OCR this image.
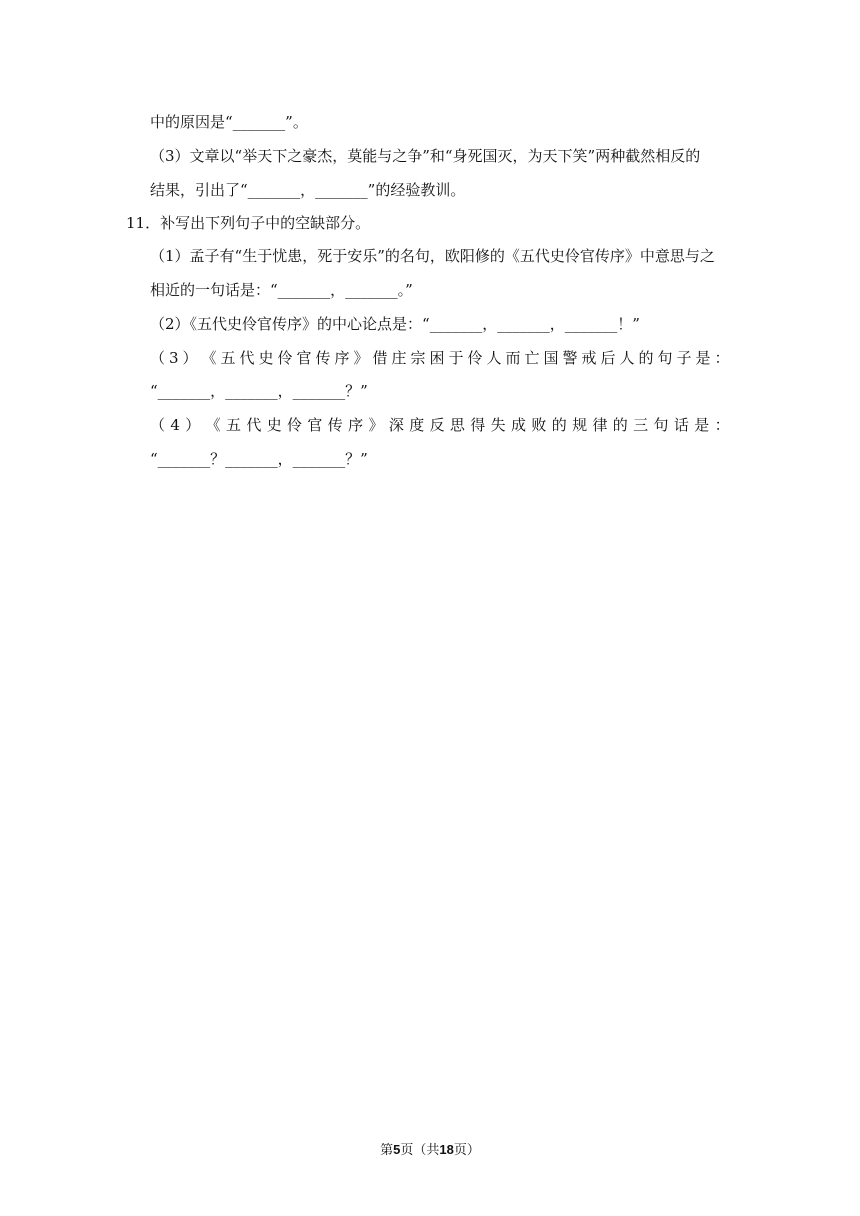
中的原因是“_______”。
（3）文章以“举天下之豪杰，莫能与之争”和“身死国灭，为天下笑”两种截然相反的
结果，引出了“_______，_______”的经验教训。
11．补写出下列句子中的空缺部分。
（1）孟子有“生于忧患，死于安乐”的名句，欧阳修的《五代史伶官传序》中意思与之
相近的一句话是：“_______，_______。”
（2）《五代史伶官传序》的中心论点是：“_______，_______，_______！”
（ 3 ） 《 五 代 史 伶 官 传 序 》 借 庄 宗 困 于 伶 人 而 亡 国 警 戒 后 人 的 句 子 是 ：
“_______，_______，_______？”
（ 4 ） 《 五 代 史 伶 官 传 序 》 深 度 反 思 得 失 成 败 的 规 律 的 三 句 话 是 ：
“_______？_______，_______？”
第5页（共18页）
